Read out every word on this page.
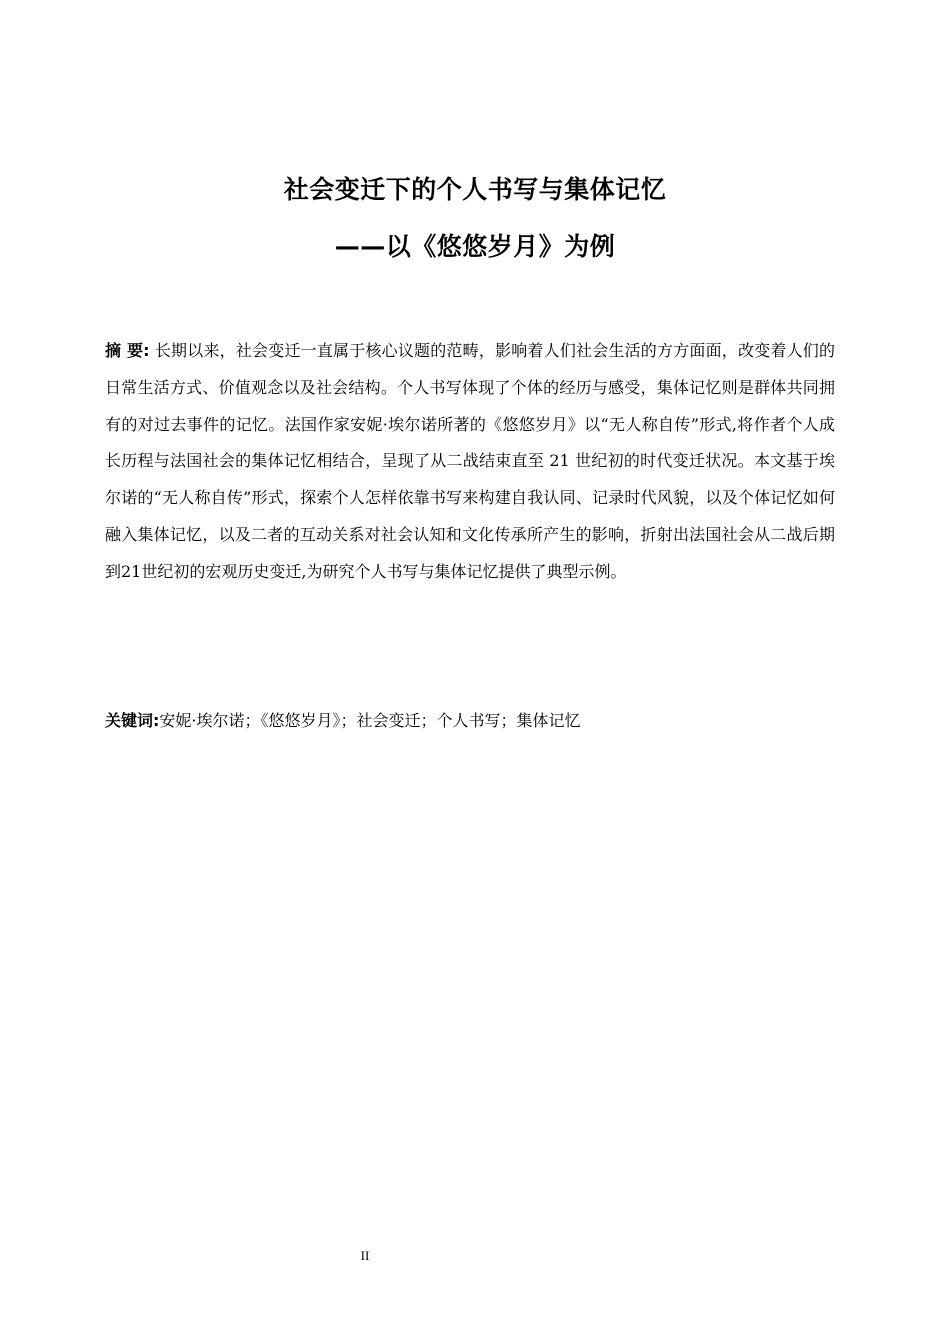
社会变迁下的个人书写与集体记忆
——以《悠悠岁月》为例

摘 要: 长期以来，社会变迁一直属于核心议题的范畴，影响着人们社会生活的方方面面，改变着人们的日常生活方式、价值观念以及社会结构。个人书写体现了个体的经历与感受，集体记忆则是群体共同拥有的对过去事件的记忆。法国作家安妮·埃尔诺所著的《悠悠岁月》以“无人称自传”形式,将作者个人成长历程与法国社会的集体记忆相结合，呈现了从二战结束直至 21 世纪初的时代变迁状况。本文基于埃尔诺的“无人称自传”形式，探索个人怎样依靠书写来构建自我认同、记录时代风貌，以及个体记忆如何融入集体记忆，以及二者的互动关系对社会认知和文化传承所产生的影响，折射出法国社会从二战后期到21世纪初的宏观历史变迁,为研究个人书写与集体记忆提供了典型示例。

关键词:安妮·埃尔诺；《悠悠岁月》；社会变迁；个人书写；集体记忆

II
